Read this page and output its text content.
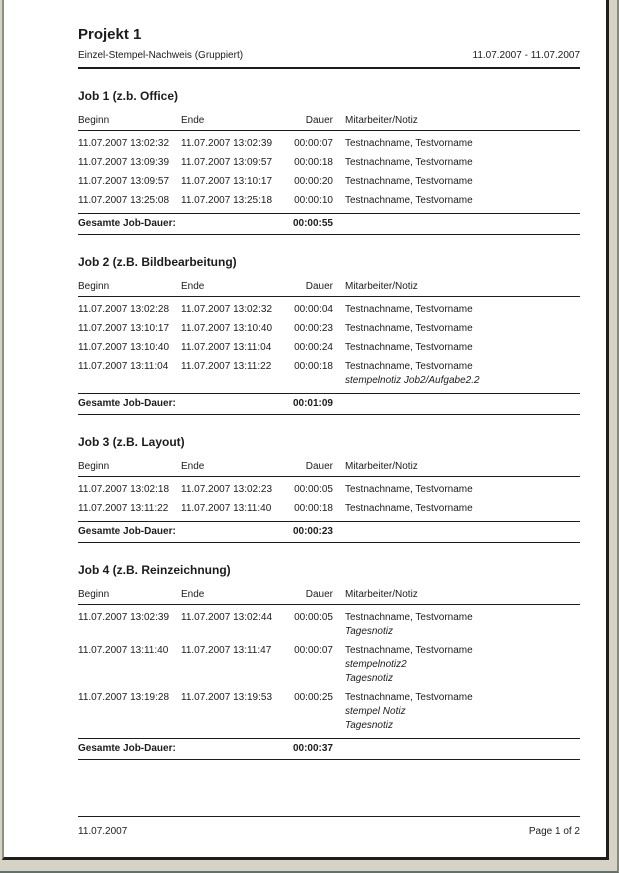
Projekt 1
Einzel-Stempel-Nachweis (Gruppiert)	11.07.2007 - 11.07.2007
Job 1 (z.b. Office)
Beginn	Ende	Dauer Mitarbeiter/Notiz
11.07.2007 13:02:32	11.07.2007 13:02:39	00:00:07 Testnachname, Testvorname
11.07.2007 13:09:39	11.07.2007 13:09:57	00:00:18 Testnachname, Testvorname
11.07.2007 13:09:57	11.07.2007 13:10:17	00:00:20 Testnachname, Testvorname
11.07.2007 13:25:08	11.07.2007 13:25:18	00:00:10 Testnachname, Testvorname
Gesamte Job-Dauer:	00:00:55
Job 2 (z.B. Bildbearbeitung)
Beginn	Ende	Dauer Mitarbeiter/Notiz
11.07.2007 13:02:28	11.07.2007 13:02:32	00:00:04 Testnachname, Testvorname
11.07.2007 13:10:17	11.07.2007 13:10:40	00:00:23 Testnachname, Testvorname
11.07.2007 13:10:40	11.07.2007 13:11:04	00:00:24 Testnachname, Testvorname
11.07.2007 13:11:04	11.07.2007 13:11:22	00:00:18 Testnachname, Testvorname
stempelnotiz Job2/Aufgabe2.2
Gesamte Job-Dauer:	00:01:09
Job 3 (z.B. Layout)
Beginn	Ende	Dauer Mitarbeiter/Notiz
11.07.2007 13:02:18	11.07.2007 13:02:23	00:00:05 Testnachname, Testvorname
11.07.2007 13:11:22	11.07.2007 13:11:40	00:00:18 Testnachname, Testvorname
Gesamte Job-Dauer:	00:00:23
Job 4 (z.B. Reinzeichnung)
Beginn	Ende	Dauer Mitarbeiter/Notiz
11.07.2007 13:02:39	11.07.2007 13:02:44	00:00:05 Testnachname, Testvorname
Tagesnotiz
11.07.2007 13:11:40	11.07.2007 13:11:47	00:00:07 Testnachname, Testvorname
stempelnotiz2
Tagesnotiz
11.07.2007 13:19:28	11.07.2007 13:19:53	00:00:25 Testnachname, Testvorname
stempel Notiz
Tagesnotiz
Gesamte Job-Dauer:	00:00:37
11.07.2007	Page 1 of 2
